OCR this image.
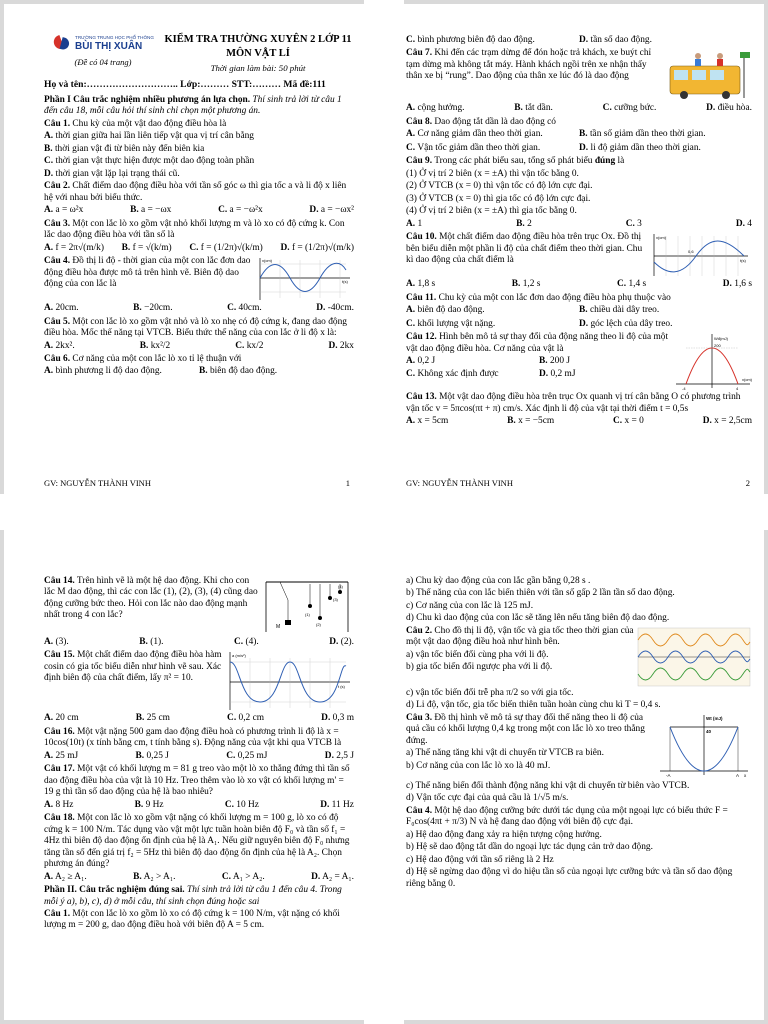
TRƯỜNG TRUNG HỌC PHỔ THÔNG
BÙI THỊ XUÂN
(Đề có 04 trang)
KIỂM TRA THƯỜNG XUYÊN 2 LỚP 11
MÔN VẬT LÍ
Thời gian làm bài: 50 phút
Họ và tên:……………………….. Lớp:……… STT:……… Mã đề:111

Phần I Câu trắc nghiệm nhiều phương án lựa chọn. Thí sinh trả lời từ câu 1 đến câu 18, mỗi câu hỏi thí sinh chỉ chọn một phương án.

Câu 1. Chu kỳ của một vật dao động điều hòa là

A. thời gian giữa hai lần liên tiếp vật qua vị trí cân bằng

B. thời gian vật đi từ biên này đến biên kia

C. thời gian vật thực hiện được một dao động toàn phần

D. thời gian vật lặp lại trạng thái cũ.

Câu 2. Chất điểm dao động điều hòa với tần số góc ω thì gia tốc a và li độ x liên hệ với nhau bởi biểu thức.

A. a = ω²x	B. a = −ωx	C. a = −ω²x	D. a = −ωx²

Câu 3. Một con lắc lò xo gồm vật nhỏ khối lượng m và lò xo có độ cứng k. Con lắc dao động điều hòa với tần số là

A. f = 2π√(m/k) B. f = √(k/m) C. f = (1/2π)√(k/m) D. f = (1/2π)√(m/k)

Câu 4. Đồ thị li độ - thời gian của một con lắc đơn dao động điều hòa được mô tả trên hình vẽ. Biên độ dao động của con lắc là

x(cm)
t(s)
A. 20cm.	B. −20cm.	C. 40cm.	D. -40cm.

Câu 5. Một con lắc lò xo gồm vật nhỏ và lò xo nhẹ có độ cứng k, đang dao động điều hòa. Mốc thế năng tại VTCB. Biểu thức thế năng của con lắc ở li độ x là:

A. 2kx².	B. kx²/2	C. kx/2	D. 2kx

Câu 6. Cơ năng của một con lắc lò xo tỉ lệ thuận với

A. bình phương li độ dao động.	B. biên độ dao động.
GV: NGUYỄN THÀNH VINH	1
C. bình phương biên độ dao động.	D. tần số dao động.

Câu 7. Khi đến các trạm dừng để đón hoặc trả khách, xe buýt chỉ tạm dừng mà không tắt máy. Hành khách ngồi trên xe nhận thấy thân xe bị “rung”. Dao động của thân xe lúc đó là dao động

A. cộng hưởng.	B. tắt dần.	C. cưỡng bức.	D. điều hòa.

Câu 8. Dao động tắt dần là dao động có

A. Cơ năng giảm dần theo thời gian.	B. tần số giảm dần theo thời gian.
C. Vận tốc giảm dần theo thời gian.	D. li độ giảm dần theo thời gian.

Câu 9. Trong các phát biểu sau, tổng số phát biểu đúng là

(1) Ở vị trí 2 biên (x = ±A) thì vận tốc bằng 0.

(2) Ở VTCB (x = 0) thì vận tốc có độ lớn cực đại.

(3) Ở VTCB (x = 0) thì gia tốc có độ lớn cực đại.

(4) Ở vị trí 2 biên (x = ±A) thì gia tốc bằng 0.

A. 1	B. 2	C. 3	D. 4

Câu 10. Một chất điểm dao động điều hòa trên trục Ox. Đồ thị bên biểu diễn một phần li độ của chất điểm theo thời gian. Chu kì dao động của chất điểm là

x(cm)
t(s)
0,6
A. 1,8 s	B. 1,2 s	C. 1,4 s	D. 1,6 s

Câu 11. Chu kỳ của một con lắc đơn dao động điều hòa phụ thuộc vào

A. biên độ dao động.	B. chiều dài dây treo.
C. khối lượng vật nặng.	D. góc lệch của dây treo.

Câu 12. Hình bên mô tả sự thay đổi của động năng theo li độ của một vật dao động điều hòa. Cơ năng của vật là

A. 0,2 J	B. 200 J
C. Không xác định được	D. 0,2 mJ
Wđ(mJ)
200
-4	4
x(cm)

Câu 13. Một vật dao động điều hòa trên trục Ox quanh vị trí cân bằng O có phương trình vận tốc v = 5πcos(πt + π) cm/s. Xác định li độ của vật tại thời điểm t = 0,5s

A. x = 5cm	B. x = −5cm	C. x = 0	D. x = 2,5cm
GV: NGUYỄN THÀNH VINH	2

Câu 14. Trên hình vẽ là một hệ dao động. Khi cho con lắc M dao động, thì các con lắc (1), (2), (3), (4) cũng dao động cưỡng bức theo. Hỏi con lắc nào dao động mạnh nhất trong 4 con lắc?

M
(1)
(2)
(3)
(4)
A. (3).	B. (1).	C. (4).	D. (2).

Câu 15. Một chất điểm dao động điều hòa hàm cosin có gia tốc biểu diễn như hình vẽ sau. Xác định biên độ của chất điểm, lấy π² = 10.

a (m/s²)
t (s)
A. 20 cm	B. 25 cm	C. 0,2 cm	D. 0,3 m

Câu 16. Một vật nặng 500 gam dao động điều hoà có phương trình li độ là x = 10cos(10t) (x tính bằng cm, t tính bằng s). Động năng của vật khi qua VTCB là

A. 25 mJ	B. 0,25 J	C. 0,25 mJ	D. 2,5 J

Câu 17. Một vật có khối lượng m = 81 g treo vào một lò xo thẳng đứng thì tần số dao động điều hòa của vật là 10 Hz. Treo thêm vào lò xo vật có khối lượng m' = 19 g thì tần số dao động của hệ là bao nhiêu?

A. 8 Hz	B. 9 Hz	C. 10 Hz	D. 11 Hz

Câu 18. Một con lắc lò xo gồm vật nặng có khối lượng m = 100 g, lò xo có độ cứng k = 100 N/m. Tác dụng vào vật một lực tuần hoàn biên độ F₀ và tần số f₁ = 4Hz thì biên độ dao động ổn định của hệ là A₁. Nếu giữ nguyên biên độ F₀ nhưng tăng tần số đến giá trị f₂ = 5Hz thì biên độ dao động ổn định của hệ là A₂. Chọn phương án đúng?

A. A₂ ≥ A₁.	B. A₂ > A₁.	C. A₁ > A₂.	D. A₂ = A₁.

Phần II. Câu trắc nghiệm đúng sai. Thí sinh trả lời từ câu 1 đến câu 4. Trong mỗi ý a), b), c), d) ở mỗi câu, thí sinh chọn đúng hoặc sai

Câu 1. Một con lắc lò xo gồm lò xo có độ cứng k = 100 N/m, vật nặng có khối lượng m = 200 g, dao động điều hoà với biên độ A = 5 cm.

a) Chu kỳ dao động của con lắc gần bằng 0,28 s .

b) Thế năng của con lắc biến thiên với tần số gấp 2 lần tần số dao động.

c) Cơ năng của con lắc là 125 mJ.

d) Chu kì dao động của con lắc sẽ tăng lên nếu tăng biên độ dao động.

Câu 2. Cho đồ thị li độ, vận tốc và gia tốc theo thời gian của một vật dao động điều hoà như hình bên.

a) vận tốc biến đổi cùng pha với li độ.

b) gia tốc biến đổi ngược pha với li độ.

c) vận tốc biến đổi trễ pha π/2 so với gia tốc.

d) Li độ, vận tốc, gia tốc biến thiên tuần hoàn cùng chu kì T = 0,4 s.

Câu 3. Đồ thị hình vẽ mô tả sự thay đổi thế năng theo li độ của quả cầu có khối lượng 0,4 kg trong một con lắc lò xo treo thẳng đứng.

a) Thế năng tăng khi vật di chuyển từ VTCB ra biên.

b) Cơ năng của con lắc lò xo là 40 mJ.

Wt (mJ)
40
-A	A x

c) Thế năng biến đổi thành động năng khi vật di chuyển từ biên vào VTCB.

d) Vận tốc cực đại của quả cầu là 1/√5 m/s.

Câu 4. Một hệ dao động cưỡng bức dưới tác dụng của một ngoại lực có biểu thức F = F₀cos(4πt + π/3) N và hệ đang dao động với biên độ cực đại.

a) Hệ dao động đang xảy ra hiện tượng cộng hưởng.

b) Hệ sẽ dao động tắt dần do ngoại lực tác dụng cản trở dao động.

c) Hệ dao động với tần số riêng là 2 Hz

d) Hệ sẽ ngừng dao động vì do hiệu tần số của ngoại lực cưỡng bức và tần số dao động riêng bằng 0.
